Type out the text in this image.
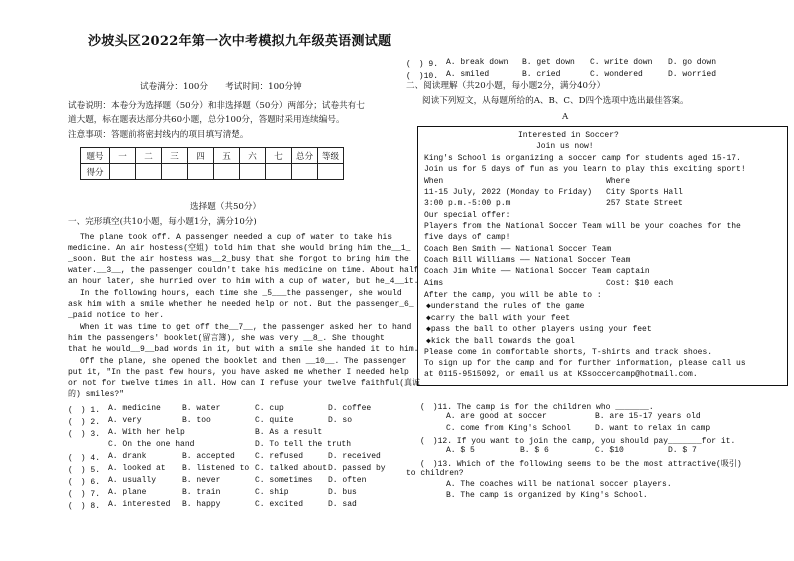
沙坡头区2022年第一次中考模拟九年级英语测试题
试卷满分：100分　　考试时间：100分钟
试卷说明：本卷分为选择题（50分）和非选择题（50分）两部分；试卷共有七
道大题，标在题表达部分共60小题，总分100分，答题时采用连续编号。
注意事项：答题前将密封线内的项目填写清楚。
题号	一	二	三	四	五	六	七	总分	等级
得分									
选择题（共50分）
一、完形填空(共10小题，每小题1分，满分10分)
The plane took off. A passenger needed a cup of water to take his
medicine. An air hostess(空姐) told him that she would bring him the__1_
_soon. But the air hostess was__2_busy that she forgot to bring him the
water.__3__, the passenger couldn't take his medicine on time. About half
an hour later, she hurried over to him with a cup of water, but he_4__it.
In the following hours, each time she _5___the passenger, she would
ask him with a smile whether he needed help or not. But the passenger_6_
_paid notice to her.
When it was time to get off the__7__, the passenger asked her to hand
him the passengers' booklet(留言簿), she was very __8_. She thought
that he would__9__bad words in it, but with a smile she handed it to him.
Off the plane, she opened the booklet and then __10__. The passenger
put it, "In the past few hours, you have asked me whether I needed help
or not for twelve times in all. How can I refuse your twelve faithful(真诚
的) smiles?"
(　) 1. A. medicine	B. water	C. cup	D. coffee
(　) 2. A. very	B. too	C. quite	D. so
(　) 3. A. With her help	B. As a result
C. On the one hand	D. To tell the truth
(　) 4. A. drank	B. accepted	C. refused	D. received
(　) 5. A. looked at B. listened to C. talked about D. passed by
(　) 6. A. usually	B. never	C. sometimes D. often
(　) 7. A. plane	B. train	C. ship	D. bus
(　) 8. A. interested B. happy	C. excited	D. sad
(　) 9. A. break down B. get down C. write down D. go down
(　)10. A. smiled	B. cried	C. wondered	D. worried
二、阅读理解（共20小题，每小题2分，满分40分）
阅读下列短文，从每题所给的A、B、C、D四个选项中选出最佳答案。
A
Interested in Soccer?
Join us now!
King's School is organizing a soccer camp for students aged 15-17.
Join us for 5 days of fun as you learn to play this exciting sport!
When	Where
11-15 July, 2022 (Monday to Friday) City Sports Hall
3:00 p.m.-5:00 p.m	257 State Street
Our special offer:
Players from the National Soccer Team will be your coaches for the
five days of camp!
Coach Ben Smith —— National Soccer Team
Coach Bill Williams —— National Soccer Team
Coach Jim White —— National Soccer Team captain
Aims	Cost: $10 each
After the camp, you will be able to :
◆understand the rules of the game
◆carry the ball with your feet
◆pass the ball to other players using your feet
◆kick the ball towards the goal
Please come in comfortable shorts, T-shirts and track shoes.
To sign up for the camp and for further information, please call us
at 0115-9515092, or email us at KSsoccercamp@hotmail.com.
(　)11. The camp is for the children who _______.
A. are good at soccer	B. are 15-17 years old
C. come from King's School	D. want to relax in camp
(　)12. If you want to join the camp, you should pay_______for it.
A. $ 5	B. $ 6	C. $10	D. $ 7
(　)13. Which of the following seems to be the most attractive(吸引)
to children?
A. The coaches will be national soccer players.
B. The camp is organized by King's School.
